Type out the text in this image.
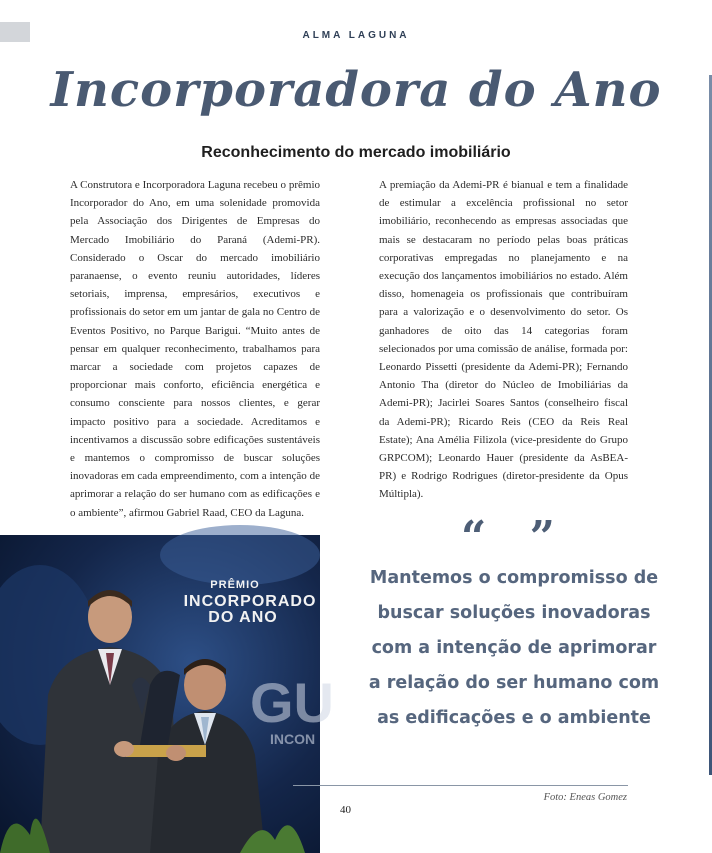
ALMA LAGUNA
Incorporadora do Ano
Reconhecimento do mercado imobiliário

A Construtora e Incorporadora Laguna recebeu o prêmio Incorporador do Ano, em uma solenidade promovida pela Associação dos Dirigentes de Empresas do Mercado Imobiliário do Paraná (Ademi-PR). Considerado o Oscar do mercado imobiliário paranaense, o evento reuniu autoridades, líderes setoriais, imprensa, empresários, executivos e profissionais do setor em um jantar de gala no Centro de Eventos Positivo, no Parque Barigui. “Muito antes de pensar em qualquer reconhecimento, trabalhamos para marcar a sociedade com projetos capazes de proporcionar mais conforto, eficiência energética e consumo consciente para nossos clientes, e gerar impacto positivo para a sociedade. Acreditamos e incentivamos a discussão sobre edificações sustentáveis e mantemos o compromisso de buscar soluções inovadoras em cada empreendimento, com a intenção de aprimorar a relação do ser humano com as edificações e o ambiente”, afirmou Gabriel Raad, CEO da Laguna.

A premiação da Ademi-PR é bianual e tem a finalidade de estimular a excelência profissional no setor imobiliário, reconhecendo as empresas associadas que mais se destacaram no período pelas boas práticas corporativas empregadas no planejamento e na execução dos lançamentos imobiliários no estado. Além disso, homenageia os profissionais que contribuíram para a valorização e o desenvolvimento do setor. Os ganhadores de oito das 14 categorias foram selecionados por uma comissão de análise, formada por: Leonardo Pissetti (presidente da Ademi-PR); Fernando Antonio Tha (diretor do Núcleo de Imobiliárias da Ademi-PR); Jacirlei Soares Santos (conselheiro fiscal da Ademi-PR); Ricardo Reis (CEO da Reis Real Estate); Ana Amélia Filizola (vice-presidente do Grupo GRPCOM); Leonardo Hauer (presidente da AsBEA-PR) e Rodrigo Rodrigues (diretor-presidente da Opus Múltipla).

PRÊMIO
INCORPORADO
DO ANO
GU
INCON
“ ”
Mantemos o compromisso de buscar soluções inovadoras com a intenção de aprimorar a relação do ser humano com as edificações e o ambiente
Foto: Eneas Gomez
40
